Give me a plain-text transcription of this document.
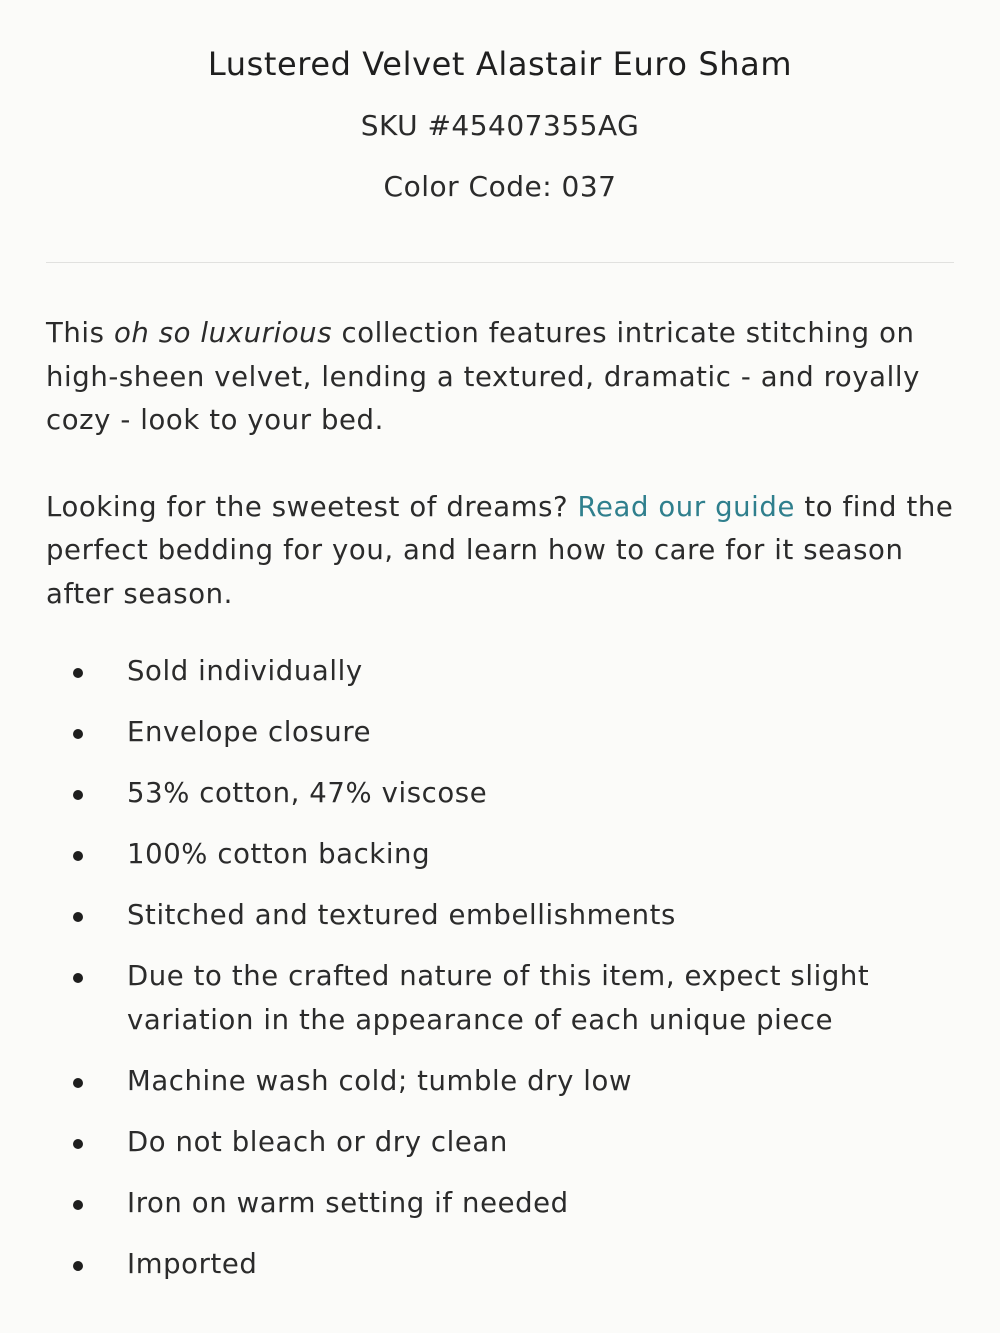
Lustered Velvet Alastair Euro Sham

SKU #45407355AG

Color Code: 037

This oh so luxurious collection features intricate stitching on high-sheen velvet, lending a textured, dramatic - and royally cozy - look to your bed.

Looking for the sweetest of dreams? Read our guide to find the perfect bedding for you, and learn how to care for it season after season.

Sold individually
Envelope closure
53% cotton, 47% viscose
100% cotton backing
Stitched and textured embellishments
Due to the crafted nature of this item, expect slight variation in the appearance of each unique piece
Machine wash cold; tumble dry low
Do not bleach or dry clean
Iron on warm setting if needed
Imported
